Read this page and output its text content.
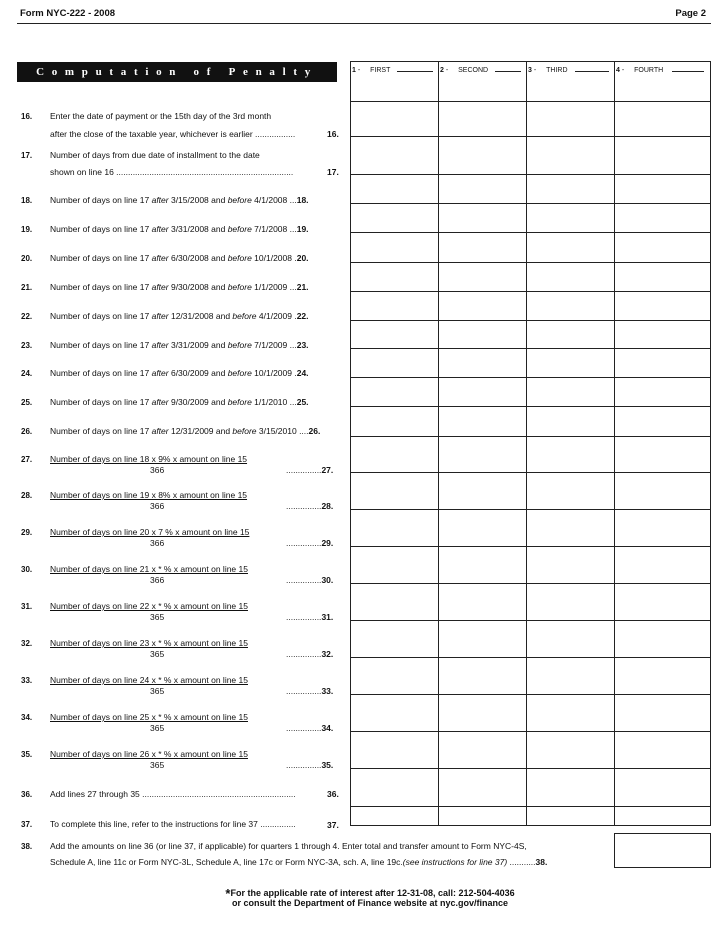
Form NYC-222 - 2008	Page 2
Computation of Penalty	1 - FIRST	2 - SECOND	3 - THIRD	4 - FOURTH
16. Enter the date of payment or the 15th day of the 3rd month
after the close of the taxable year, whichever is earlier .................	16.
17. Number of days from due date of installment to the date
shown on line 16 ...........................................................................	17.
18. Number of days on line 17 after 3/15/2008 and before 4/1/2008 ...18.
19. Number of days on line 17 after 3/31/2008 and before 7/1/2008 ...19.
20. Number of days on line 17 after 6/30/2008 and before 10/1/2008 .20.
21. Number of days on line 17 after 9/30/2008 and before 1/1/2009 ...21.
22. Number of days on line 17 after 12/31/2008 and before 4/1/2009 .22.
23. Number of days on line 17 after 3/31/2009 and before 7/1/2009 ...23.
24. Number of days on line 17 after 6/30/2009 and before 10/1/2009 .24.
25. Number of days on line 17 after 9/30/2009 and before 1/1/2010 ...25.
26. Number of days on line 17 after 12/31/2009 and before 3/15/2010 ....26.
27. Number of days on line 18 x 9% x amount on line 15
366	...............27.
28. Number of days on line 19 x 8% x amount on line 15
366	...............28.
29. Number of days on line 20 x 7 % x amount on line 15
366	...............29.
30. Number of days on line 21 x * % x amount on line 15
366	...............30.
31. Number of days on line 22 x * % x amount on line 15
365	...............31.
32. Number of days on line 23 x * % x amount on line 15
365	...............32.
33. Number of days on line 24 x * % x amount on line 15
365	...............33.
34. Number of days on line 25 x * % x amount on line 15
365	...............34.
35. Number of days on line 26 x * % x amount on line 15
365	...............35.
36. Add lines 27 through 35 .................................................................	36.
37. To complete this line, refer to the instructions for line 37 ...............	37.
38. Add the amounts on line 36 (or line 37, if applicable) for quarters 1 through 4. Enter total and transfer amount to Form NYC-4S,
Schedule A, line 11c or Form NYC-3L, Schedule A, line 17c or Form NYC-3A, sch. A, line 19c.(see instructions for line 37) ...........38.
*For the applicable rate of interest after 12-31-08, call: 212-504-4036
or consult the Department of Finance website at nyc.gov/finance
